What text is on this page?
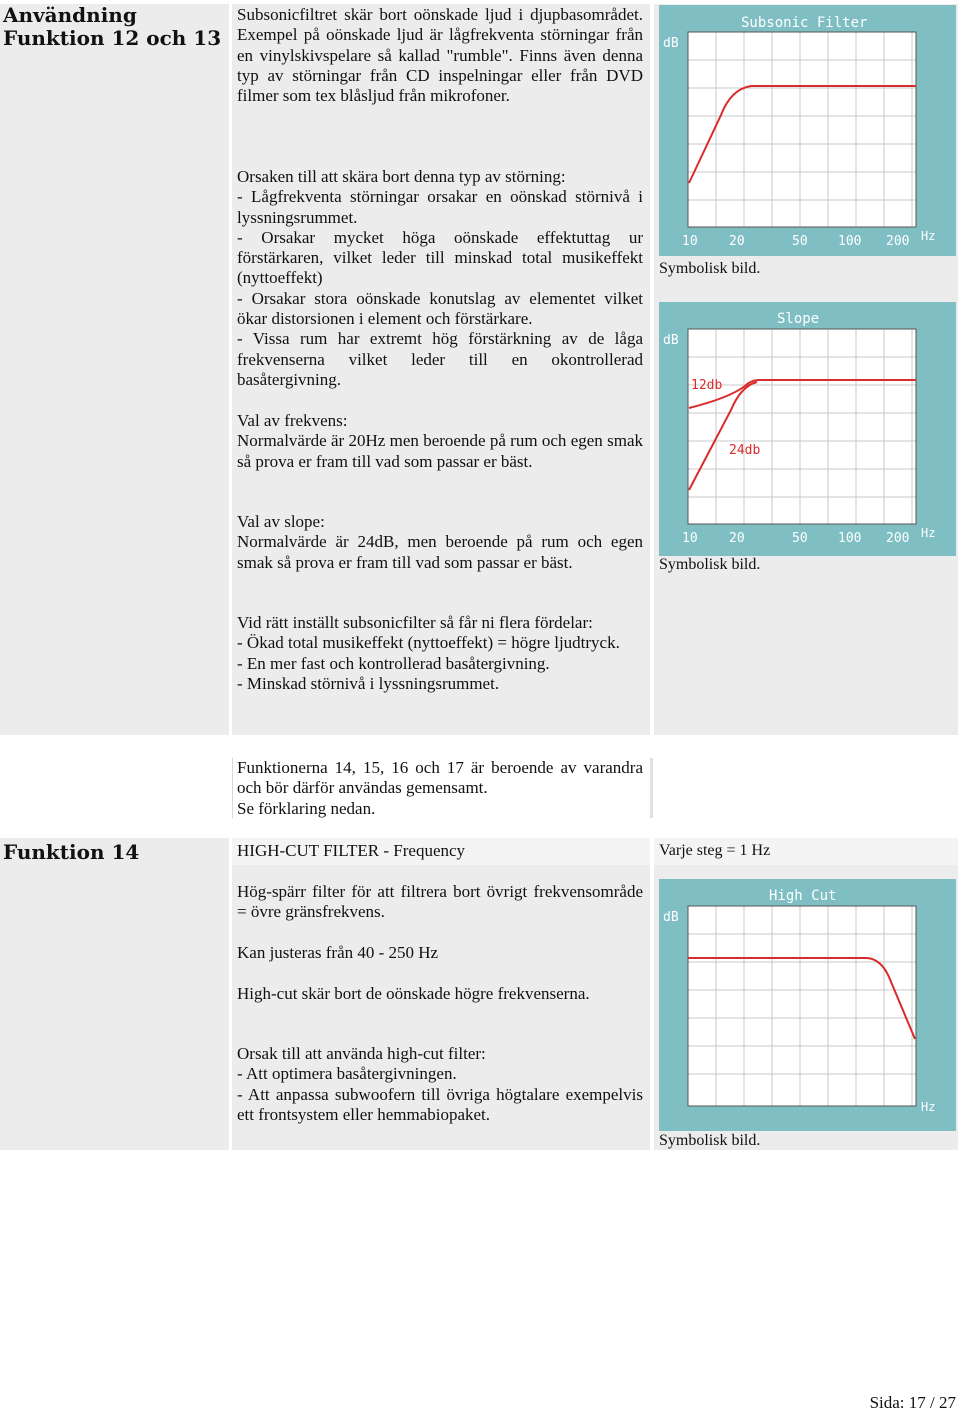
Användning
Funktion 12 och 13

Subsonicfiltret skär bort oönskade ljud i djupbasområdet. Exempel på oönskade ljud är lågfrekventa störningar från en vinylskivspelare så kallad "rumble". Finns även denna typ av störningar från CD inspelningar eller från DVD filmer som tex blåsljud från mikrofoner.

Orsaken till att skära bort denna typ av störning:
- Lågfrekventa störningar orsakar en oönskad störnivå i lyssningsrummet.
- Orsakar mycket höga oönskade effektuttag ur förstärkaren, vilket leder till minskad total musikeffekt (nyttoeffekt)
- Orsakar stora oönskade konutslag av elementet vilket ökar distorsionen i element och förstärkare.
- Vissa rum har extremt hög förstärkning av de låga frekvenserna vilket leder till en okontrollerad basåtergivning.
Val av frekvens:
Normalvärde är 20Hz men beroende på rum och egen smak så prova er fram till vad som passar er bäst.
Val av slope:
Normalvärde är 24dB, men beroende på rum och egen smak så prova er fram till vad som passar er bäst.
Vid rätt inställt subsonicfilter så får ni flera fördelar:
- Ökad total musikeffekt (nyttoeffekt) = högre ljudtryck.
- En mer fast och kontrollerad basåtergivning.
- Minskad störnivå i lyssningsrummet.
Subsonic Filter
dB
Hz
10 20	50 100 200
Symbolisk bild.
Slope
dB
12db
24db
Hz
10 20	50 100 200
Symbolisk bild.
Funktionerna 14, 15, 16 och 17 är beroende av varandra och bör därför användas gemensamt.
Se förklaring nedan.
Funktion 14	HIGH-CUT FILTER - Frequency	Varje steg = 1 Hz

Hög-spärr filter för att filtrera bort övrigt frekvensområde = övre gränsfrekvens.

Kan justeras från 40 - 250 Hz

High-cut skär bort de oönskade högre frekvenserna.

Orsak till att använda high-cut filter:
- Att optimera basåtergivningen.
- Att anpassa subwoofern till övriga högtalare exempelvis ett frontsystem eller hemmabiopaket.
High Cut
dB
Hz
Symbolisk bild.
Sida: 17 / 27
